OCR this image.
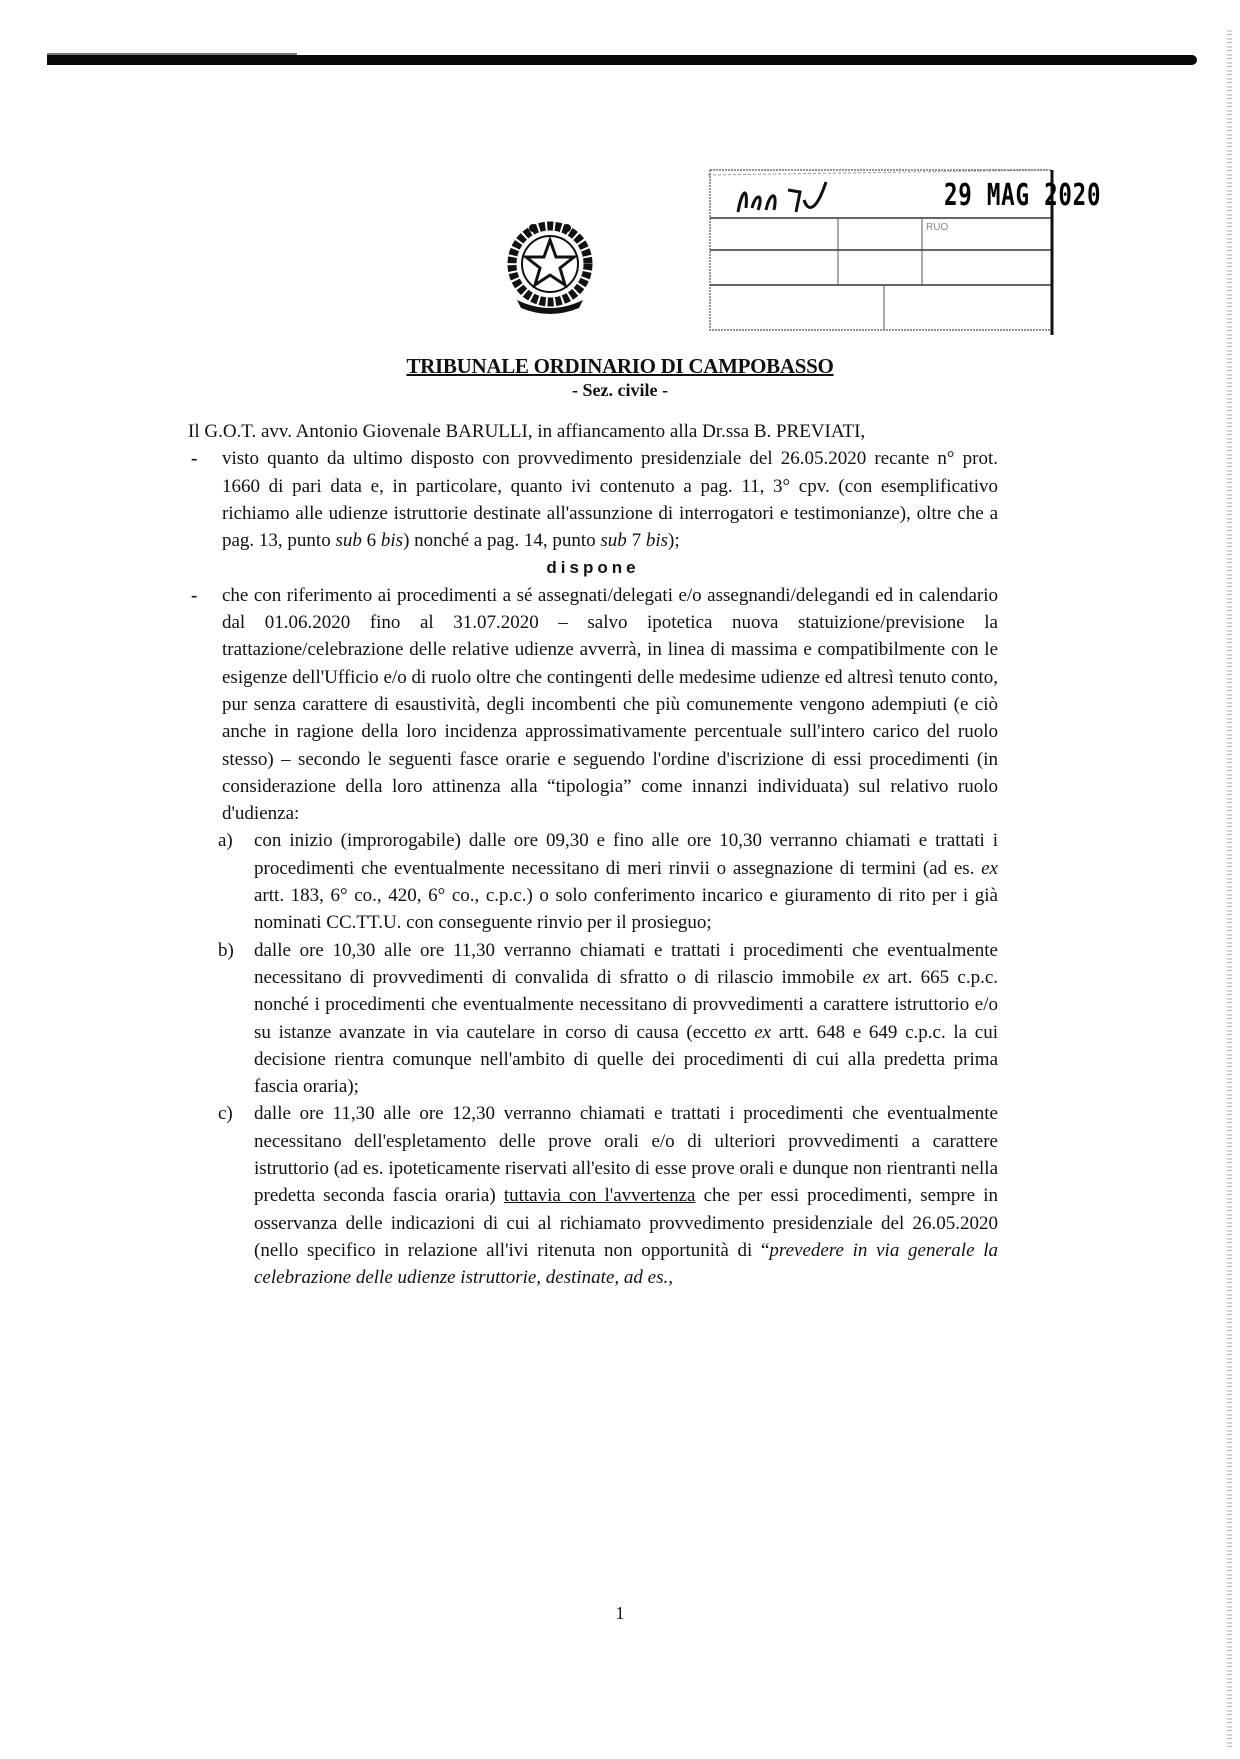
29 MAG 2020
RUO
TRIBUNALE ORDINARIO DI CAMPOBASSO
- Sez. civile -

Il G.O.T. avv. Antonio Giovenale BARULLI, in affiancamento alla Dr.ssa B. PREVIATI,

- visto quanto da ultimo disposto con provvedimento presidenziale del 26.05.2020 recante n° prot. 1660 di pari data e, in particolare, quanto ivi contenuto a pag. 11, 3° cpv. (con esemplificativo richiamo alle udienze istruttorie destinate all'assunzione di interrogatori e testimonianze), oltre che a pag. 13, punto sub 6 bis) nonché a pag. 14, punto sub 7 bis);

dispone

- che con riferimento ai procedimenti a sé assegnati/delegati e/o assegnandi/delegandi ed in calendario dal 01.06.2020 fino al 31.07.2020 – salvo ipotetica nuova statuizione/previsione la trattazione/celebrazione delle relative udienze avverrà, in linea di massima e compatibilmente con le esigenze dell'Ufficio e/o di ruolo oltre che contingenti delle medesime udienze ed altresì tenuto conto, pur senza carattere di esaustività, degli incombenti che più comunemente vengono adempiuti (e ciò anche in ragione della loro incidenza approssimativamente percentuale sull'intero carico del ruolo stesso) – secondo le seguenti fasce orarie e seguendo l'ordine d'iscrizione di essi procedimenti (in considerazione della loro attinenza alla “tipologia” come innanzi individuata) sul relativo ruolo d'udienza:

a) con inizio (improrogabile) dalle ore 09,30 e fino alle ore 10,30 verranno chiamati e trattati i procedimenti che eventualmente necessitano di meri rinvii o assegnazione di termini (ad es. ex artt. 183, 6° co., 420, 6° co., c.p.c.) o solo conferimento incarico e giuramento di rito per i già nominati CC.TT.U. con conseguente rinvio per il prosieguo;

b) dalle ore 10,30 alle ore 11,30 verranno chiamati e trattati i procedimenti che eventualmente necessitano di provvedimenti di convalida di sfratto o di rilascio immobile ex art. 665 c.p.c. nonché i procedimenti che eventualmente necessitano di provvedimenti a carattere istruttorio e/o su istanze avanzate in via cautelare in corso di causa (eccetto ex artt. 648 e 649 c.p.c. la cui decisione rientra comunque nell'ambito di quelle dei procedimenti di cui alla predetta prima fascia oraria);

c) dalle ore 11,30 alle ore 12,30 verranno chiamati e trattati i procedimenti che eventualmente necessitano dell'espletamento delle prove orali e/o di ulteriori provvedimenti a carattere istruttorio (ad es. ipoteticamente riservati all'esito di esse prove orali e dunque non rientranti nella predetta seconda fascia oraria) tuttavia con l'avvertenza che per essi procedimenti, sempre in osservanza delle indicazioni di cui al richiamato provvedimento presidenziale del 26.05.2020 (nello specifico in relazione all'ivi ritenuta non opportunità di “prevedere in via generale la celebrazione delle udienze istruttorie, destinate, ad es.,

1
